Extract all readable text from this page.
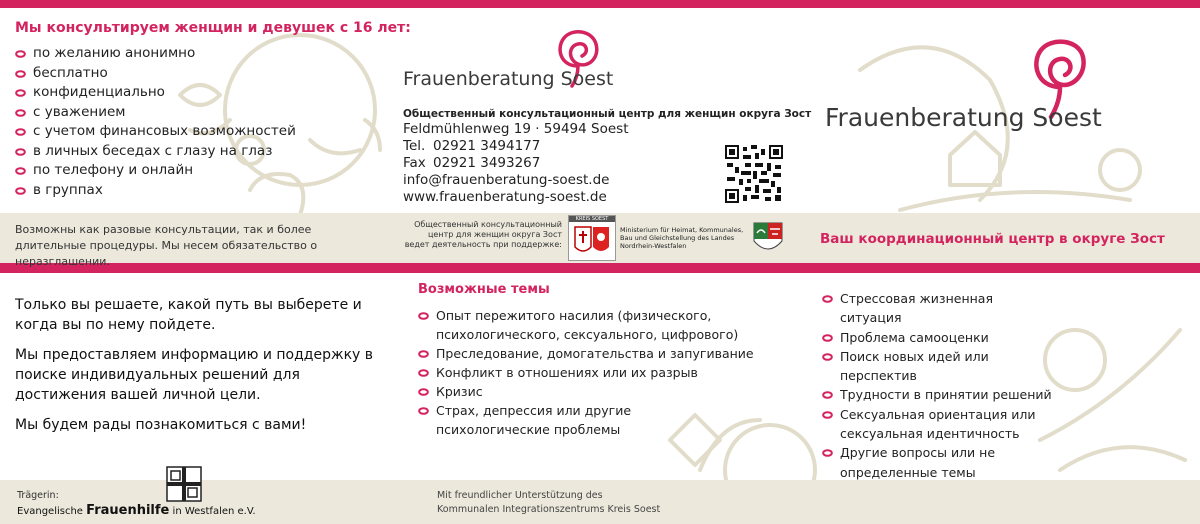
Мы консультируем женщин и девушек с 16 лет:
по желанию анонимно
бесплатно
конфиденциально
с уважением
с учетом финансовых возможностей
в личных беседах с глазу на глаз
по телефону и онлайн
в группах
Frauenberatung Soest
Общественный консультационный центр для женщин округа Зост
Feldmühlenweg 19 · 59494 Soest
Tel. 02921 3494177
Fax 02921 3493267
info@frauenberatung-soest.de
www.frauenberatung-soest.de
Frauenberatung Soest
Возможны как разовые консультации, так и более длительные процедуры. Мы несем обязательство о неразглашении.
Общественный консультационный центр для женщин округа Зост ведет деятельность при поддержке:
KREIS SOEST
Ministerium für Heimat, Kommunales, Bau und Gleichstellung des Landes Nordrhein-Westfalen	Ваш координационный центр в округе Зост
Только вы решаете, какой путь вы выберете и когда вы по нему пойдете.
Мы предоставляем информацию и поддержку в поиске индивидуальных решений для достижения вашей личной цели.
Мы будем рады познакомиться с вами!
Возможные темы
Опыт пережитого насилия (физического, психологического, сексуального, цифрового)
Преследование, домогательства и запугивание
Конфликт в отношениях или их разрыв
Кризис
Страх, депрессия или другие психологические проблемы
Стрессовая жизненная ситуация
Проблема самооценки
Поиск новых идей или перспектив
Трудности в принятии решений
Сексуальная ориентация или сексуальная идентичность
Другие вопросы или не определенные темы
Trägerin:
Evangelische Frauenhilfe in Westfalen e.V.
Mit freundlicher Unterstützung des
Kommunalen Integrationszentrums Kreis Soest
